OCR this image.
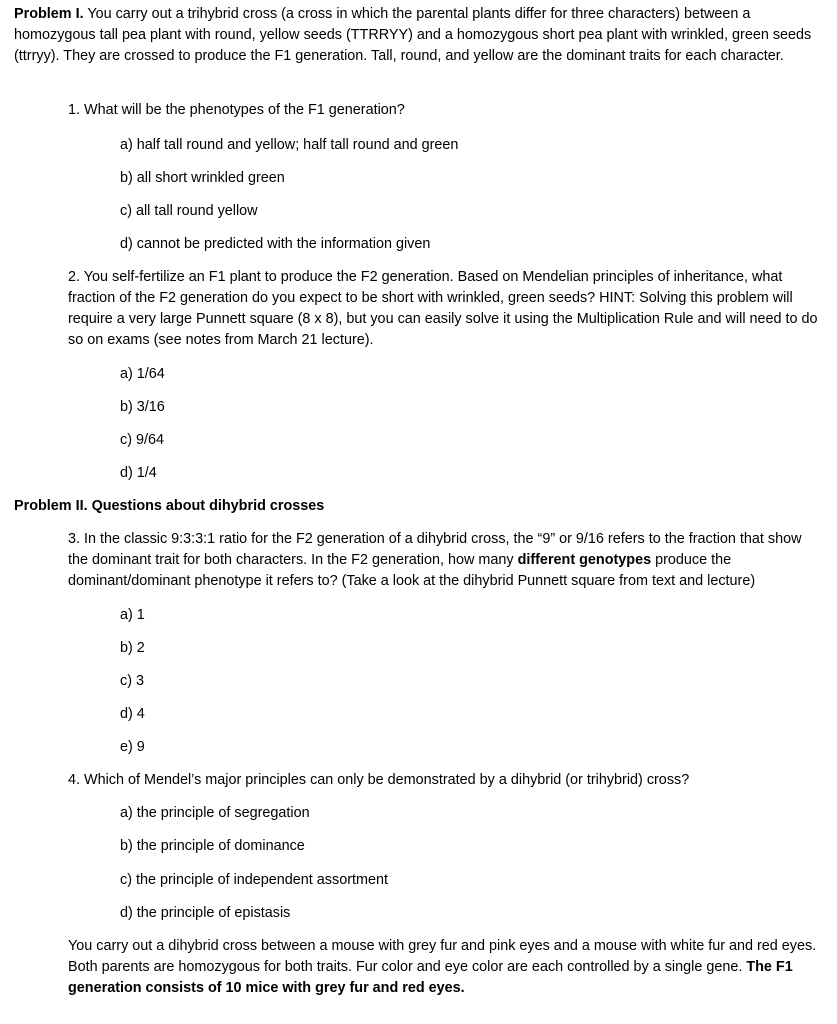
Problem I. You carry out a trihybrid cross (a cross in which the parental plants differ for three characters) between a homozygous tall pea plant with round, yellow seeds (TTRRYY) and a homozygous short pea plant with wrinkled, green seeds (ttrryy). They are crossed to produce the F1 generation. Tall, round, and yellow are the dominant traits for each character.

1. What will be the phenotypes of the F1 generation?

a) half tall round and yellow; half tall round and green
b) all short wrinkled green
c) all tall round yellow
d) cannot be predicted with the information given

2. You self-fertilize an F1 plant to produce the F2 generation. Based on Mendelian principles of inheritance, what fraction of the F2 generation do you expect to be short with wrinkled, green seeds? HINT: Solving this problem will require a very large Punnett square (8 x 8), but you can easily solve it using the Multiplication Rule and will need to do so on exams (see notes from March 21 lecture).

a) 1/64
b) 3/16
c) 9/64
d) 1/4
Problem II. Questions about dihybrid crosses

3. In the classic 9:3:3:1 ratio for the F2 generation of a dihybrid cross, the “9” or 9/16 refers to the fraction that show the dominant trait for both characters. In the F2 generation, how many different genotypes produce the dominant/dominant phenotype it refers to? (Take a look at the dihybrid Punnett square from text and lecture)

a) 1
b) 2
c) 3
d) 4
e) 9

4. Which of Mendel’s major principles can only be demonstrated by a dihybrid (or trihybrid) cross?

a) the principle of segregation
b) the principle of dominance
c) the principle of independent assortment
d) the principle of epistasis

You carry out a dihybrid cross between a mouse with grey fur and pink eyes and a mouse with white fur and red eyes. Both parents are homozygous for both traits. Fur color and eye color are each controlled by a single gene. The F1 generation consists of 10 mice with grey fur and red eyes.
